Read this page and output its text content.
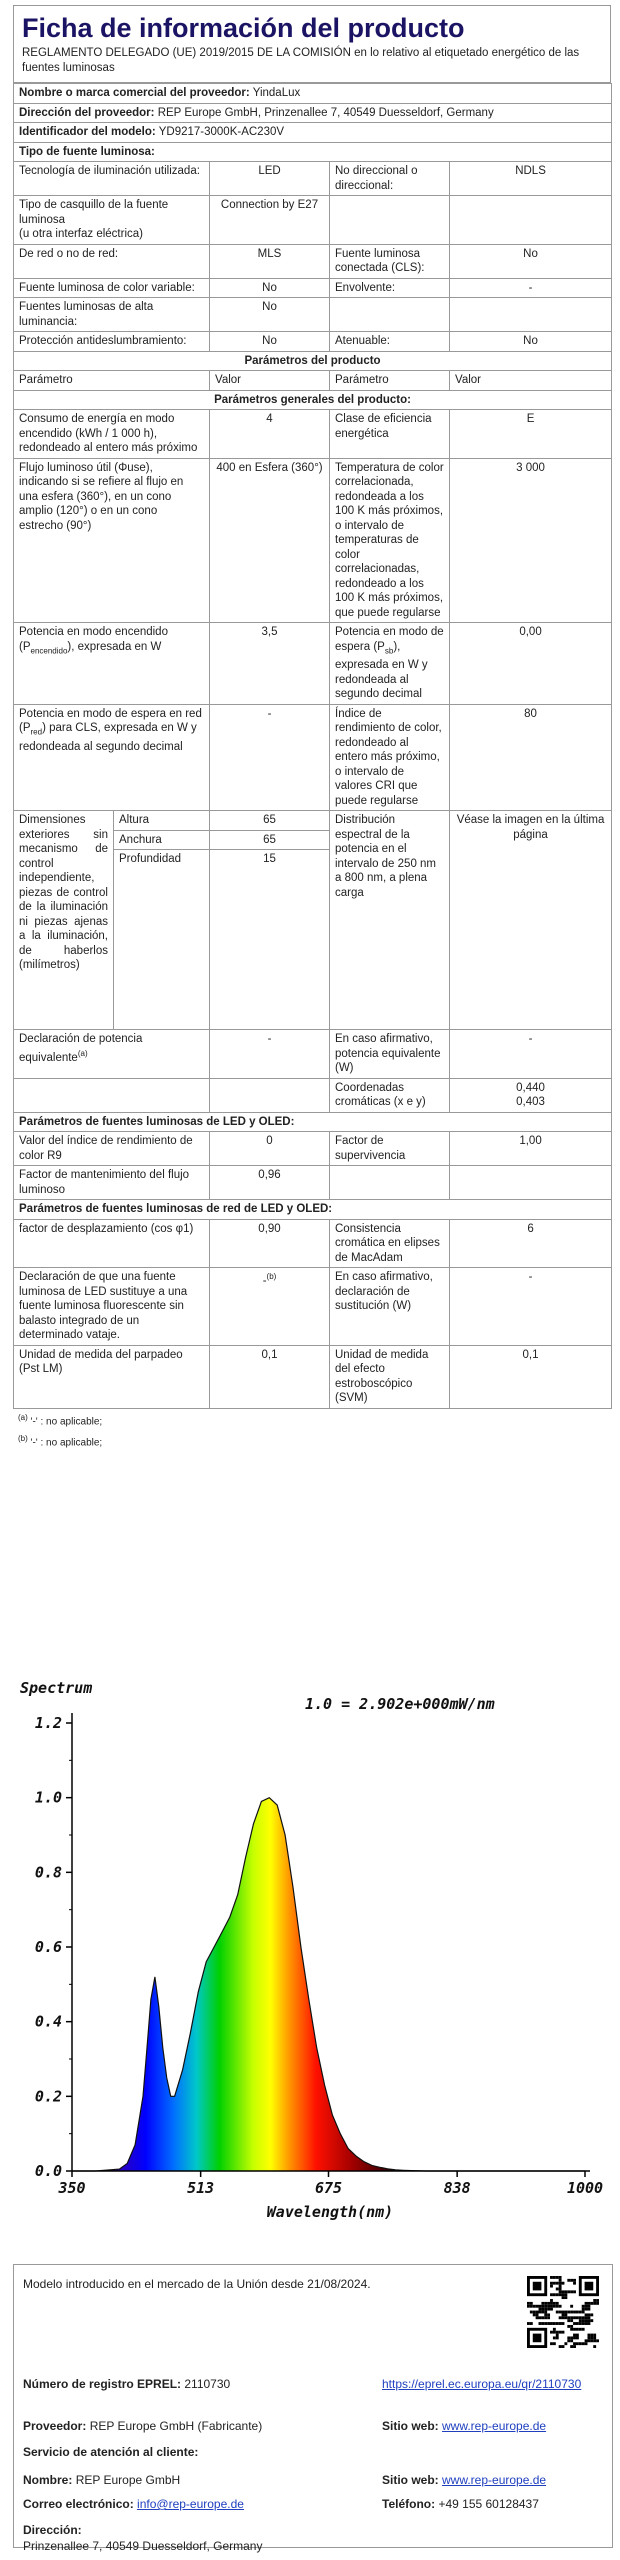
Ficha de información del producto
REGLAMENTO DELEGADO (UE) 2019/2015 DE LA COMISIÓN en lo relativo al etiquetado energético de las fuentes luminosas
Nombre o marca comercial del proveedor: YindaLux				
Dirección del proveedor: REP Europe GmbH, Prinzenallee 7, 40549 Duesseldorf, Germany				
Identificador del modelo: YD9217-3000K-AC230V				
Tipo de fuente luminosa:				
Tecnología de iluminación utilizada:		LED	No direccional o direccional:	NDLS

Tipo de casquillo de la fuente luminosa
(u otra interfaz eléctrica)		Connection by E27		
De red o no de red:		MLS	Fuente luminosa conectada (CLS):	No
Fuente luminosa de color variable:		No	Envolvente:	-
Fuentes luminosas de alta luminancia:		No		
Protección antideslumbramiento:		No	Atenuable:	No
Parámetros del producto				
Parámetro		Valor	Parámetro	Valor
Parámetros generales del producto:				
Consumo de energía en modo encendido (kWh / 1 000 h), redondeado al entero más próximo		4	Clase de eficiencia energética	E
Flujo luminoso útil (Φuse), indicando si se refiere al flujo en una esfera (360°), en un cono amplio (120°) o en un cono estrecho (90°)		400 en Esfera (360°)	Temperatura de color correlacionada, redondeada a los 100 K más próximos, o intervalo de temperaturas de color correlacionadas, redondeado a los 100 K más próximos, que puede regularse	3 000
Potencia en modo encendido $(P_{encendido})$, expresada en W		3,5	Potencia en modo de espera $(P_{sb})$, expresada en W y redondeada al segundo decimal	0,00
Potencia en modo de espera en red $(P_{red})$ para CLS, expresada en W y redondeada al segundo decimal		-	Índice de rendimiento de color, redondeado al entero más próximo, o intervalo de valores CRI que puede regularse	80
Dimensiones exteriores sin mecanismo de control independiente, piezas de control de la iluminación ni piezas ajenas a la iluminación, de haberlos (milímetros)	Altura	65	Distribución espectral de la potencia en el intervalo de 250 nm a 800 nm, a plena carga	Véase la imagen en la última página
	Anchura	65		
	Profundidad	15		
Declaración de potencia equivalente$^{(a)}$		-	En caso afirmativo, potencia equivalente (W)	-
			Coordenadas cromáticas (x e y)	0,440
0,403

Parámetros de fuentes luminosas de LED y OLED:				
Valor del índice de rendimiento de color R9		0	Factor de supervivencia	1,00
Factor de mantenimiento del flujo luminoso		0,96		
Parámetros de fuentes luminosas de red de LED y OLED:				
factor de desplazamiento (cos φ1)		0,90	Consistencia cromática en elipses de MacAdam	6
Declaración de que una fuente luminosa de LED sustituye a una fuente luminosa fluorescente sin balasto integrado de un determinado vataje.		-$^{(b)}$	En caso afirmativo, declaración de sustitución (W)	-
Unidad de medida del parpadeo (Pst LM)		0,1	Unidad de medida del efecto estroboscópico (SVM)	0,1
$^{(a)}$ '-' : no aplicable;
$^{(b)}$ '-' : no aplicable;
Spectrum
1.0 = 2.902e+000mW/nm
0.0
0.2
0.4
0.6
0.8
1.0
1.2
350	513	675	838	1000
Wavelength(nm)
Modelo introducido en el mercado de la Unión desde 21/08/2024.
Número de registro EPREL: 2110730	https://eprel.ec.europa.eu/qr/2110730
Proveedor: REP Europe GmbH (Fabricante)	Sitio web: www.rep-europe.de
Servicio de atención al cliente:
Nombre: REP Europe GmbH	Sitio web: www.rep-europe.de
Correo electrónico: info@rep-europe.de	Teléfono: +49 155 60128437
Dirección:
Prinzenallee 7, 40549 Duesseldorf, Germany
